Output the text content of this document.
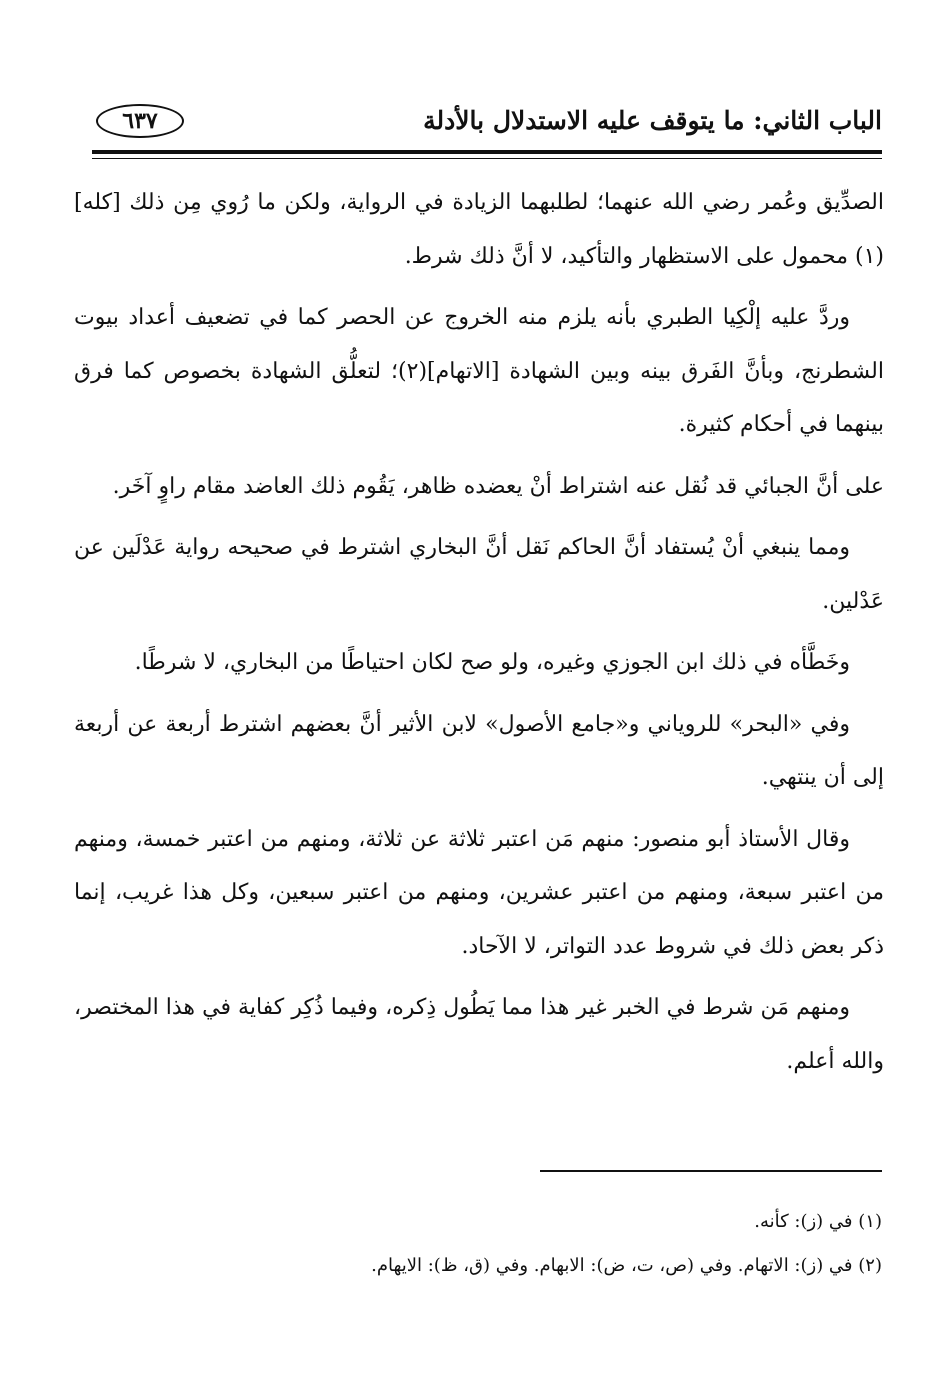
الباب الثاني: ما يتوقف عليه الاستدلال بالأدلة
٦٣٧

الصدِّيق وعُمر رضي الله عنهما؛ لطلبهما الزيادة في الرواية، ولكن ما رُوي مِن ذلك [كله](١) محمول على الاستظهار والتأكيد، لا أنَّ ذلك شرط.

وردَّ عليه إلْكِيا الطبري بأنه يلزم منه الخروج عن الحصر كما في تضعيف أعداد بيوت الشطرنج، وبأنَّ الفَرق بينه وبين الشهادة [الاتهام](٢)؛ لتعلُّق الشهادة بخصوص كما فرق بينهما في أحكام كثيرة.

على أنَّ الجبائي قد نُقل عنه اشتراط أنْ يعضده ظاهر، يَقُوم ذلك العاضد مقام راوٍ آخَر.

ومما ينبغي أنْ يُستفاد أنَّ الحاكم نَقل أنَّ البخاري اشترط في صحيحه رواية عَدْلَين عن عَدْلين.

وخَطَّأه في ذلك ابن الجوزي وغيره، ولو صح لكان احتياطًا من البخاري، لا شرطًا.

وفي «البحر» للروياني و«جامع الأصول» لابن الأثير أنَّ بعضهم اشترط أربعة عن أربعة إلى أن ينتهي.

وقال الأستاذ أبو منصور: منهم مَن اعتبر ثلاثة عن ثلاثة، ومنهم من اعتبر خمسة، ومنهم من اعتبر سبعة، ومنهم من اعتبر عشرين، ومنهم من اعتبر سبعين، وكل هذا غريب، إنما ذكر بعض ذلك في شروط عدد التواتر، لا الآحاد.

ومنهم مَن شرط في الخبر غير هذا مما يَطُول ذِكره، وفيما ذُكِر كفاية في هذا المختصر، والله أعلم.

(١) في (ز): كأنه.
(٢) في (ز): الاتهام. وفي (ص، ت، ض): الابهام. وفي (ق، ظ): الايهام.
